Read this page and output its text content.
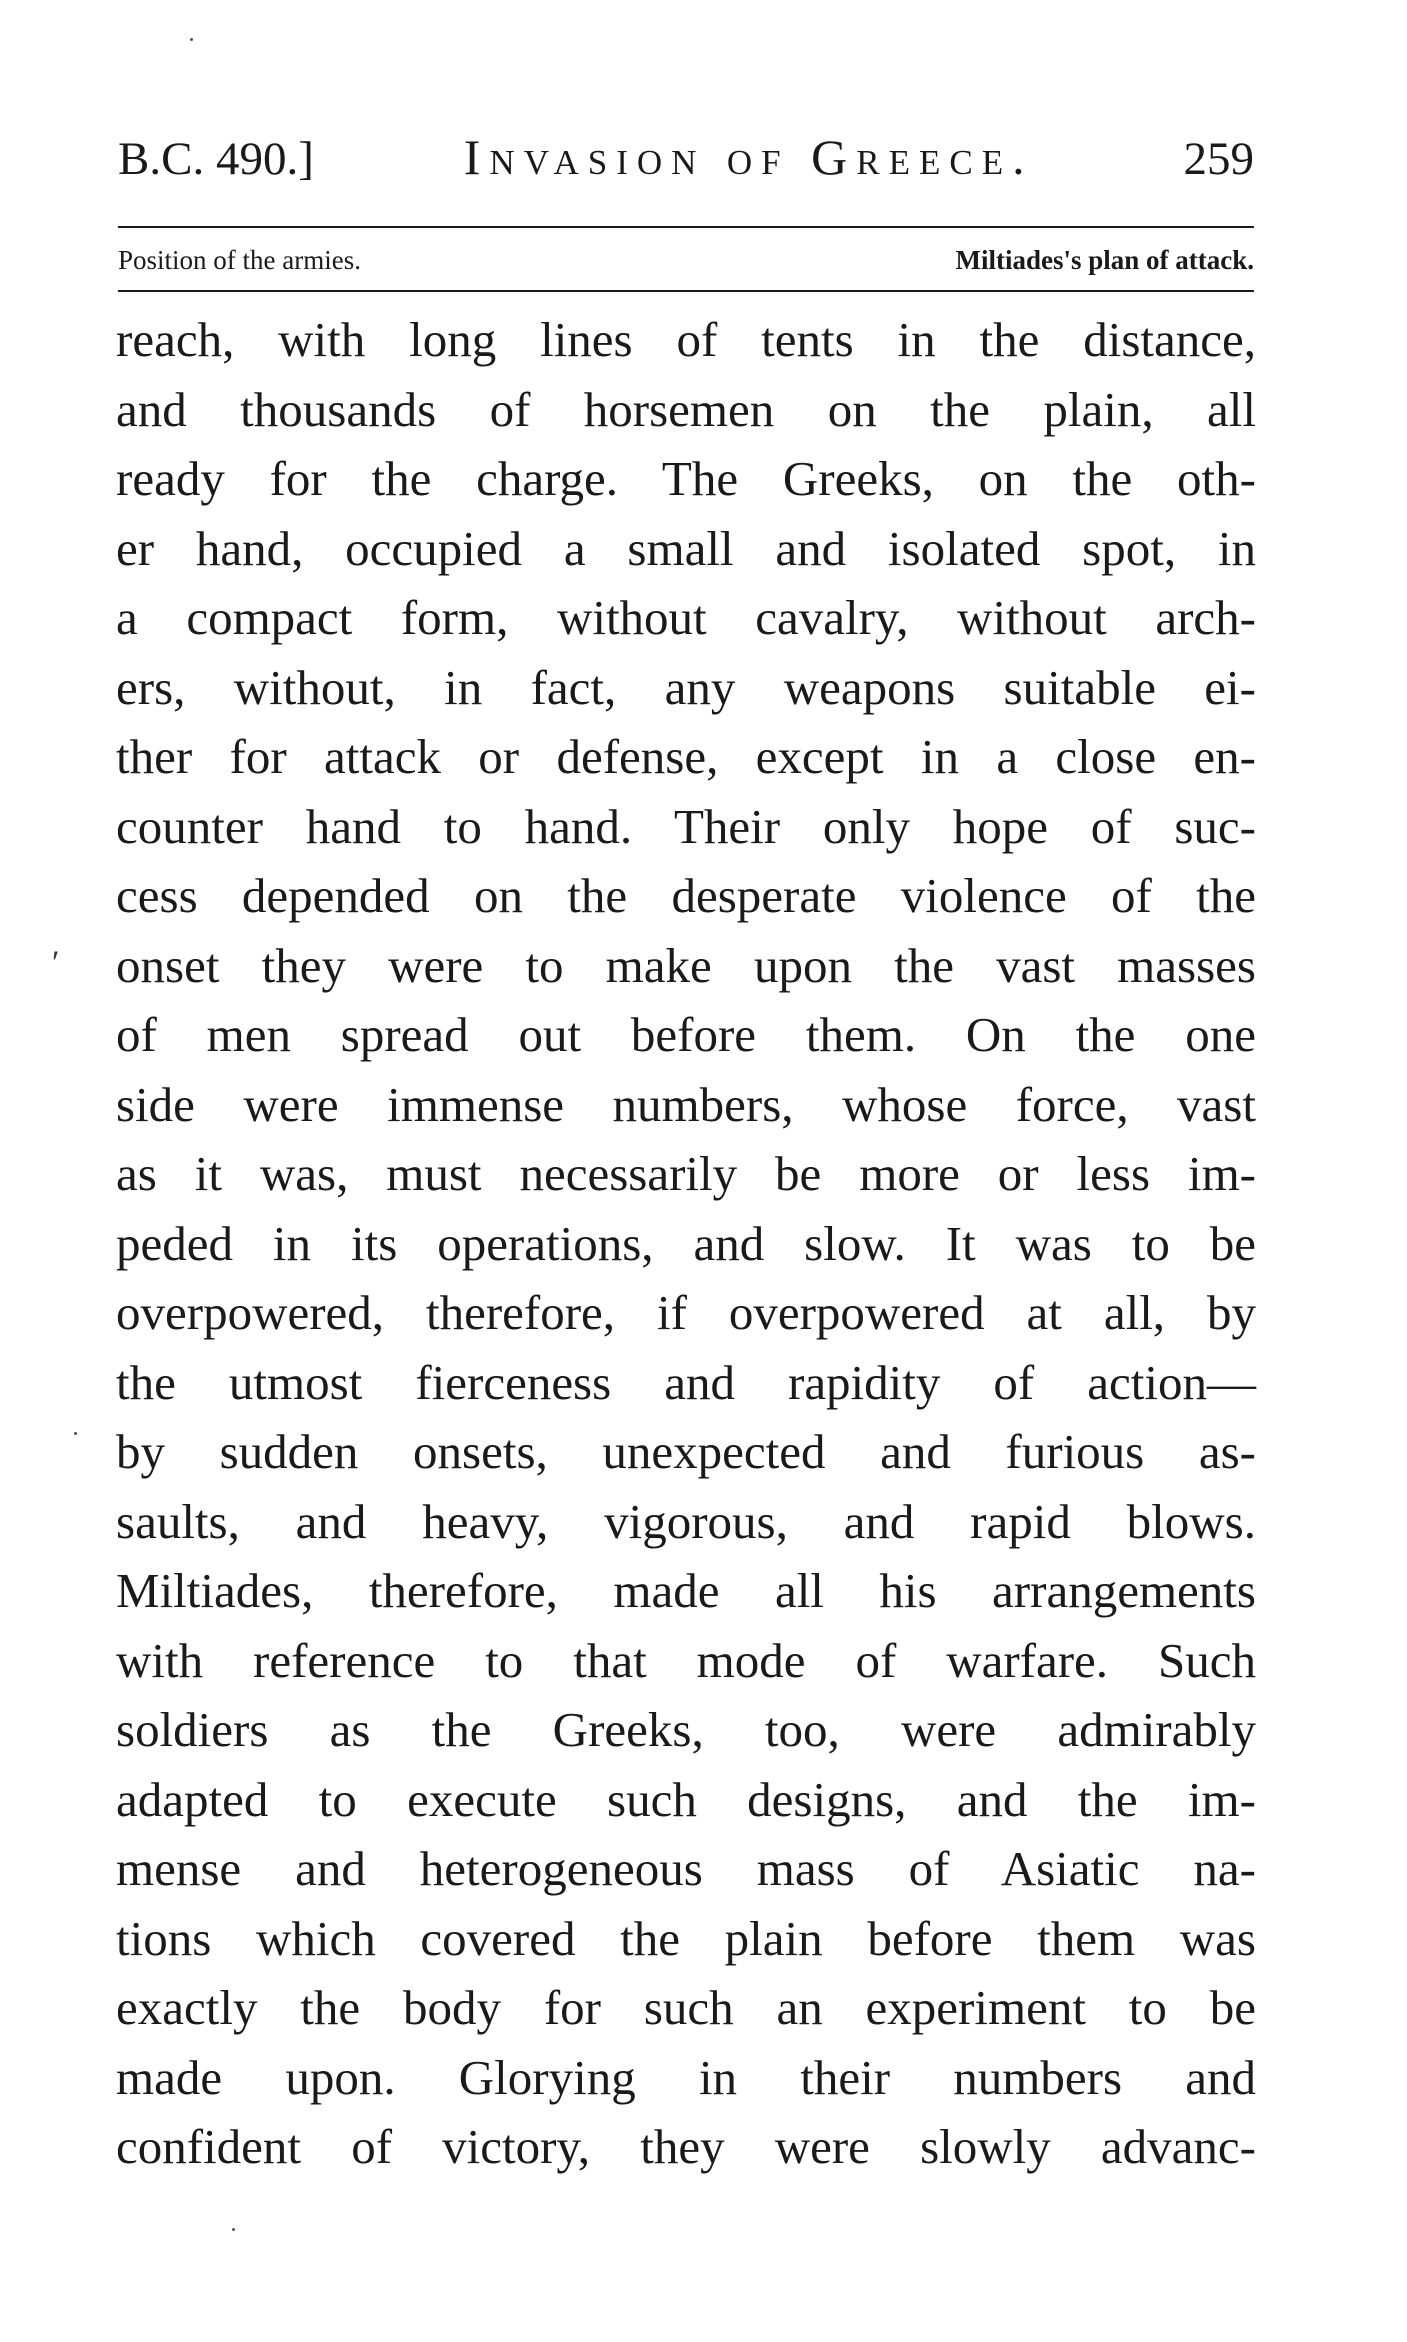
B.C. 490.]	Invasion of Greece.	259
Position of the armies.	Miltiades's plan of attack.
reach, with long lines of tents in the distance,
and thousands of horsemen on the plain, all
ready for the charge. The Greeks, on the oth-
er hand, occupied a small and isolated spot, in
a compact form, without cavalry, without arch-
ers, without, in fact, any weapons suitable ei-
ther for attack or defense, except in a close en-
counter hand to hand. Their only hope of suc-
cess depended on the desperate violence of the
onset they were to make upon the vast masses
of men spread out before them. On the one
side were immense numbers, whose force, vast
as it was, must necessarily be more or less im-
peded in its operations, and slow. It was to be
overpowered, therefore, if overpowered at all, by
the utmost fierceness and rapidity of action—
by sudden onsets, unexpected and furious as-
saults, and heavy, vigorous, and rapid blows.
Miltiades, therefore, made all his arrangements
with reference to that mode of warfare. Such
soldiers as the Greeks, too, were admirably
adapted to execute such designs, and the im-
mense and heterogeneous mass of Asiatic na-
tions which covered the plain before them was
exactly the body for such an experiment to be
made upon. Glorying in their numbers and
confident of victory, they were slowly advanc-
ʹ
